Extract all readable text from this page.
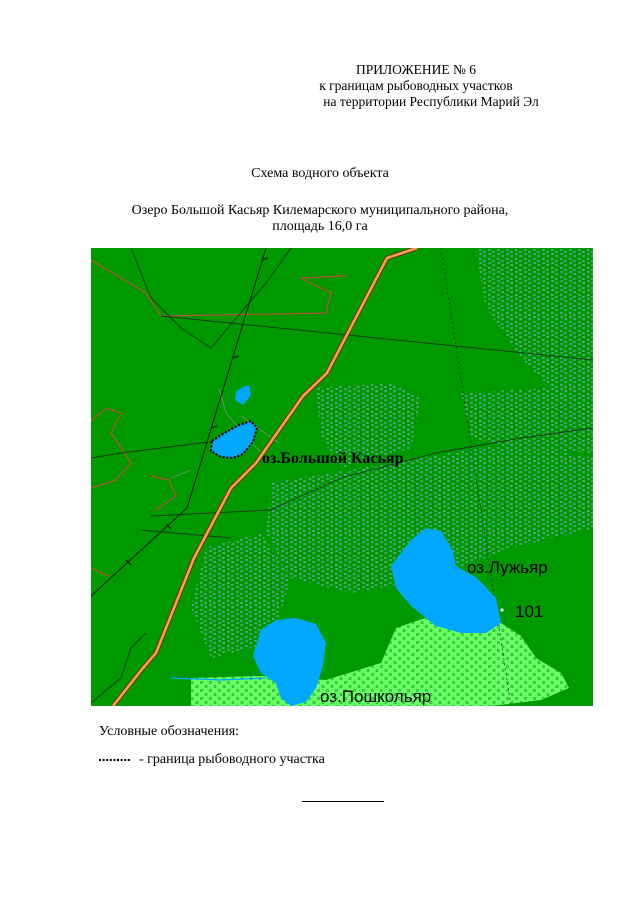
ПРИЛОЖЕНИЕ № 6
к границам рыбоводных участков
на территории Республики Марий Эл
Схема водного объекта
Озеро Большой Касьяр Килемарского муниципального района,
площадь 16,0 га
оз.Большой Касьяр
оз.Лужьяр
101
оз.Пошкольяр
Условные обозначения:
- граница рыбоводного участка
